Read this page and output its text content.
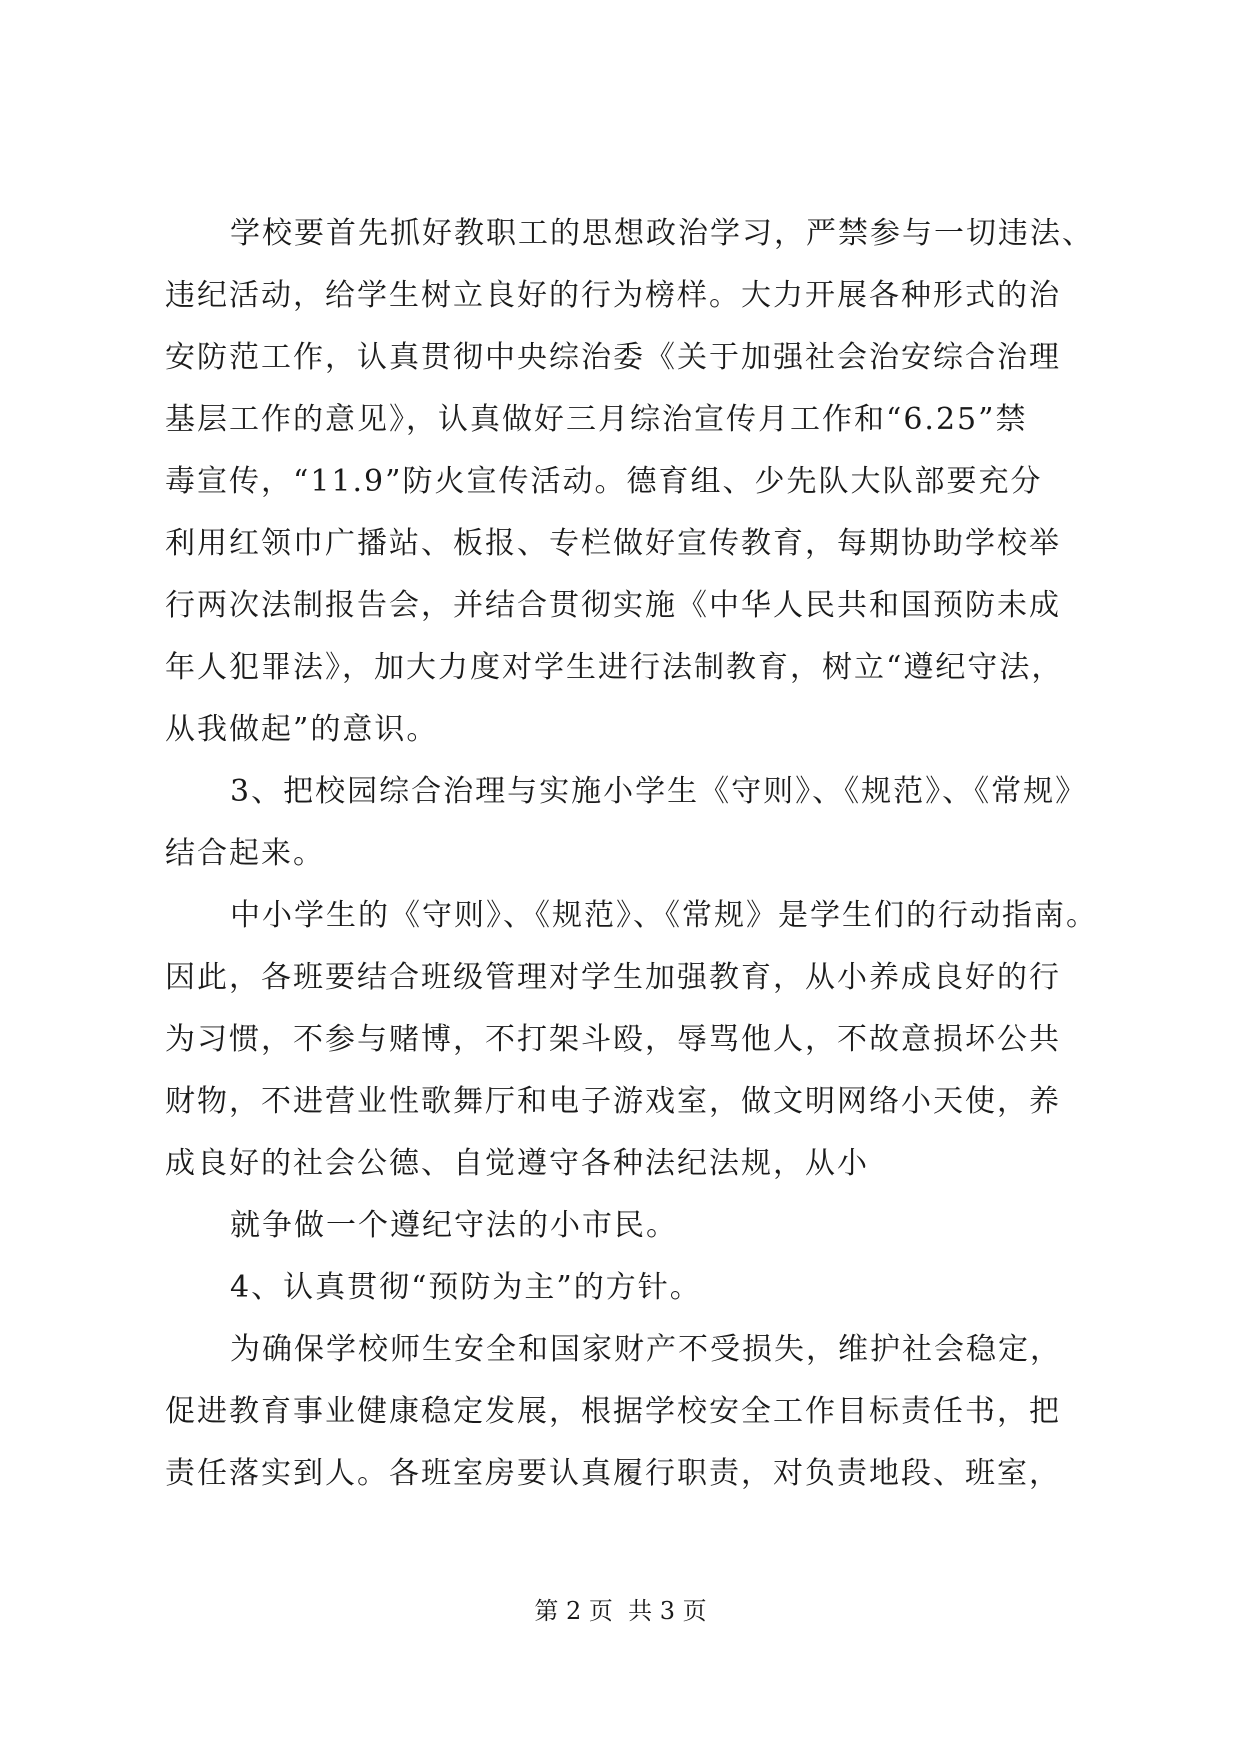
学校要首先抓好教职工的思想政治学习，严禁参与一切违法、
违纪活动，给学生树立良好的行为榜样。大力开展各种形式的治
安防范工作，认真贯彻中央综治委《关于加强社会治安综合治理
基层工作的意见》，认真做好三月综治宣传月工作和“6.25”禁
毒宣传，“11.9”防火宣传活动。德育组、少先队大队部要充分
利用红领巾广播站、板报、专栏做好宣传教育，每期协助学校举
行两次法制报告会，并结合贯彻实施《中华人民共和国预防未成
年人犯罪法》，加大力度对学生进行法制教育，树立“遵纪守法，
从我做起”的意识。
3、把校园综合治理与实施小学生《守则》、《规范》、《常规》
结合起来。
中小学生的《守则》、《规范》、《常规》是学生们的行动指南。
因此，各班要结合班级管理对学生加强教育，从小养成良好的行
为习惯，不参与赌博，不打架斗殴，辱骂他人，不故意损坏公共
财物，不进营业性歌舞厅和电子游戏室，做文明网络小天使，养
成良好的社会公德、自觉遵守各种法纪法规，从小
就争做一个遵纪守法的小市民。
4、认真贯彻“预防为主”的方针。
为确保学校师生安全和国家财产不受损失，维护社会稳定，
促进教育事业健康稳定发展，根据学校安全工作目标责任书，把
责任落实到人。各班室房要认真履行职责，对负责地段、班室，
第 2 页  共 3 页
